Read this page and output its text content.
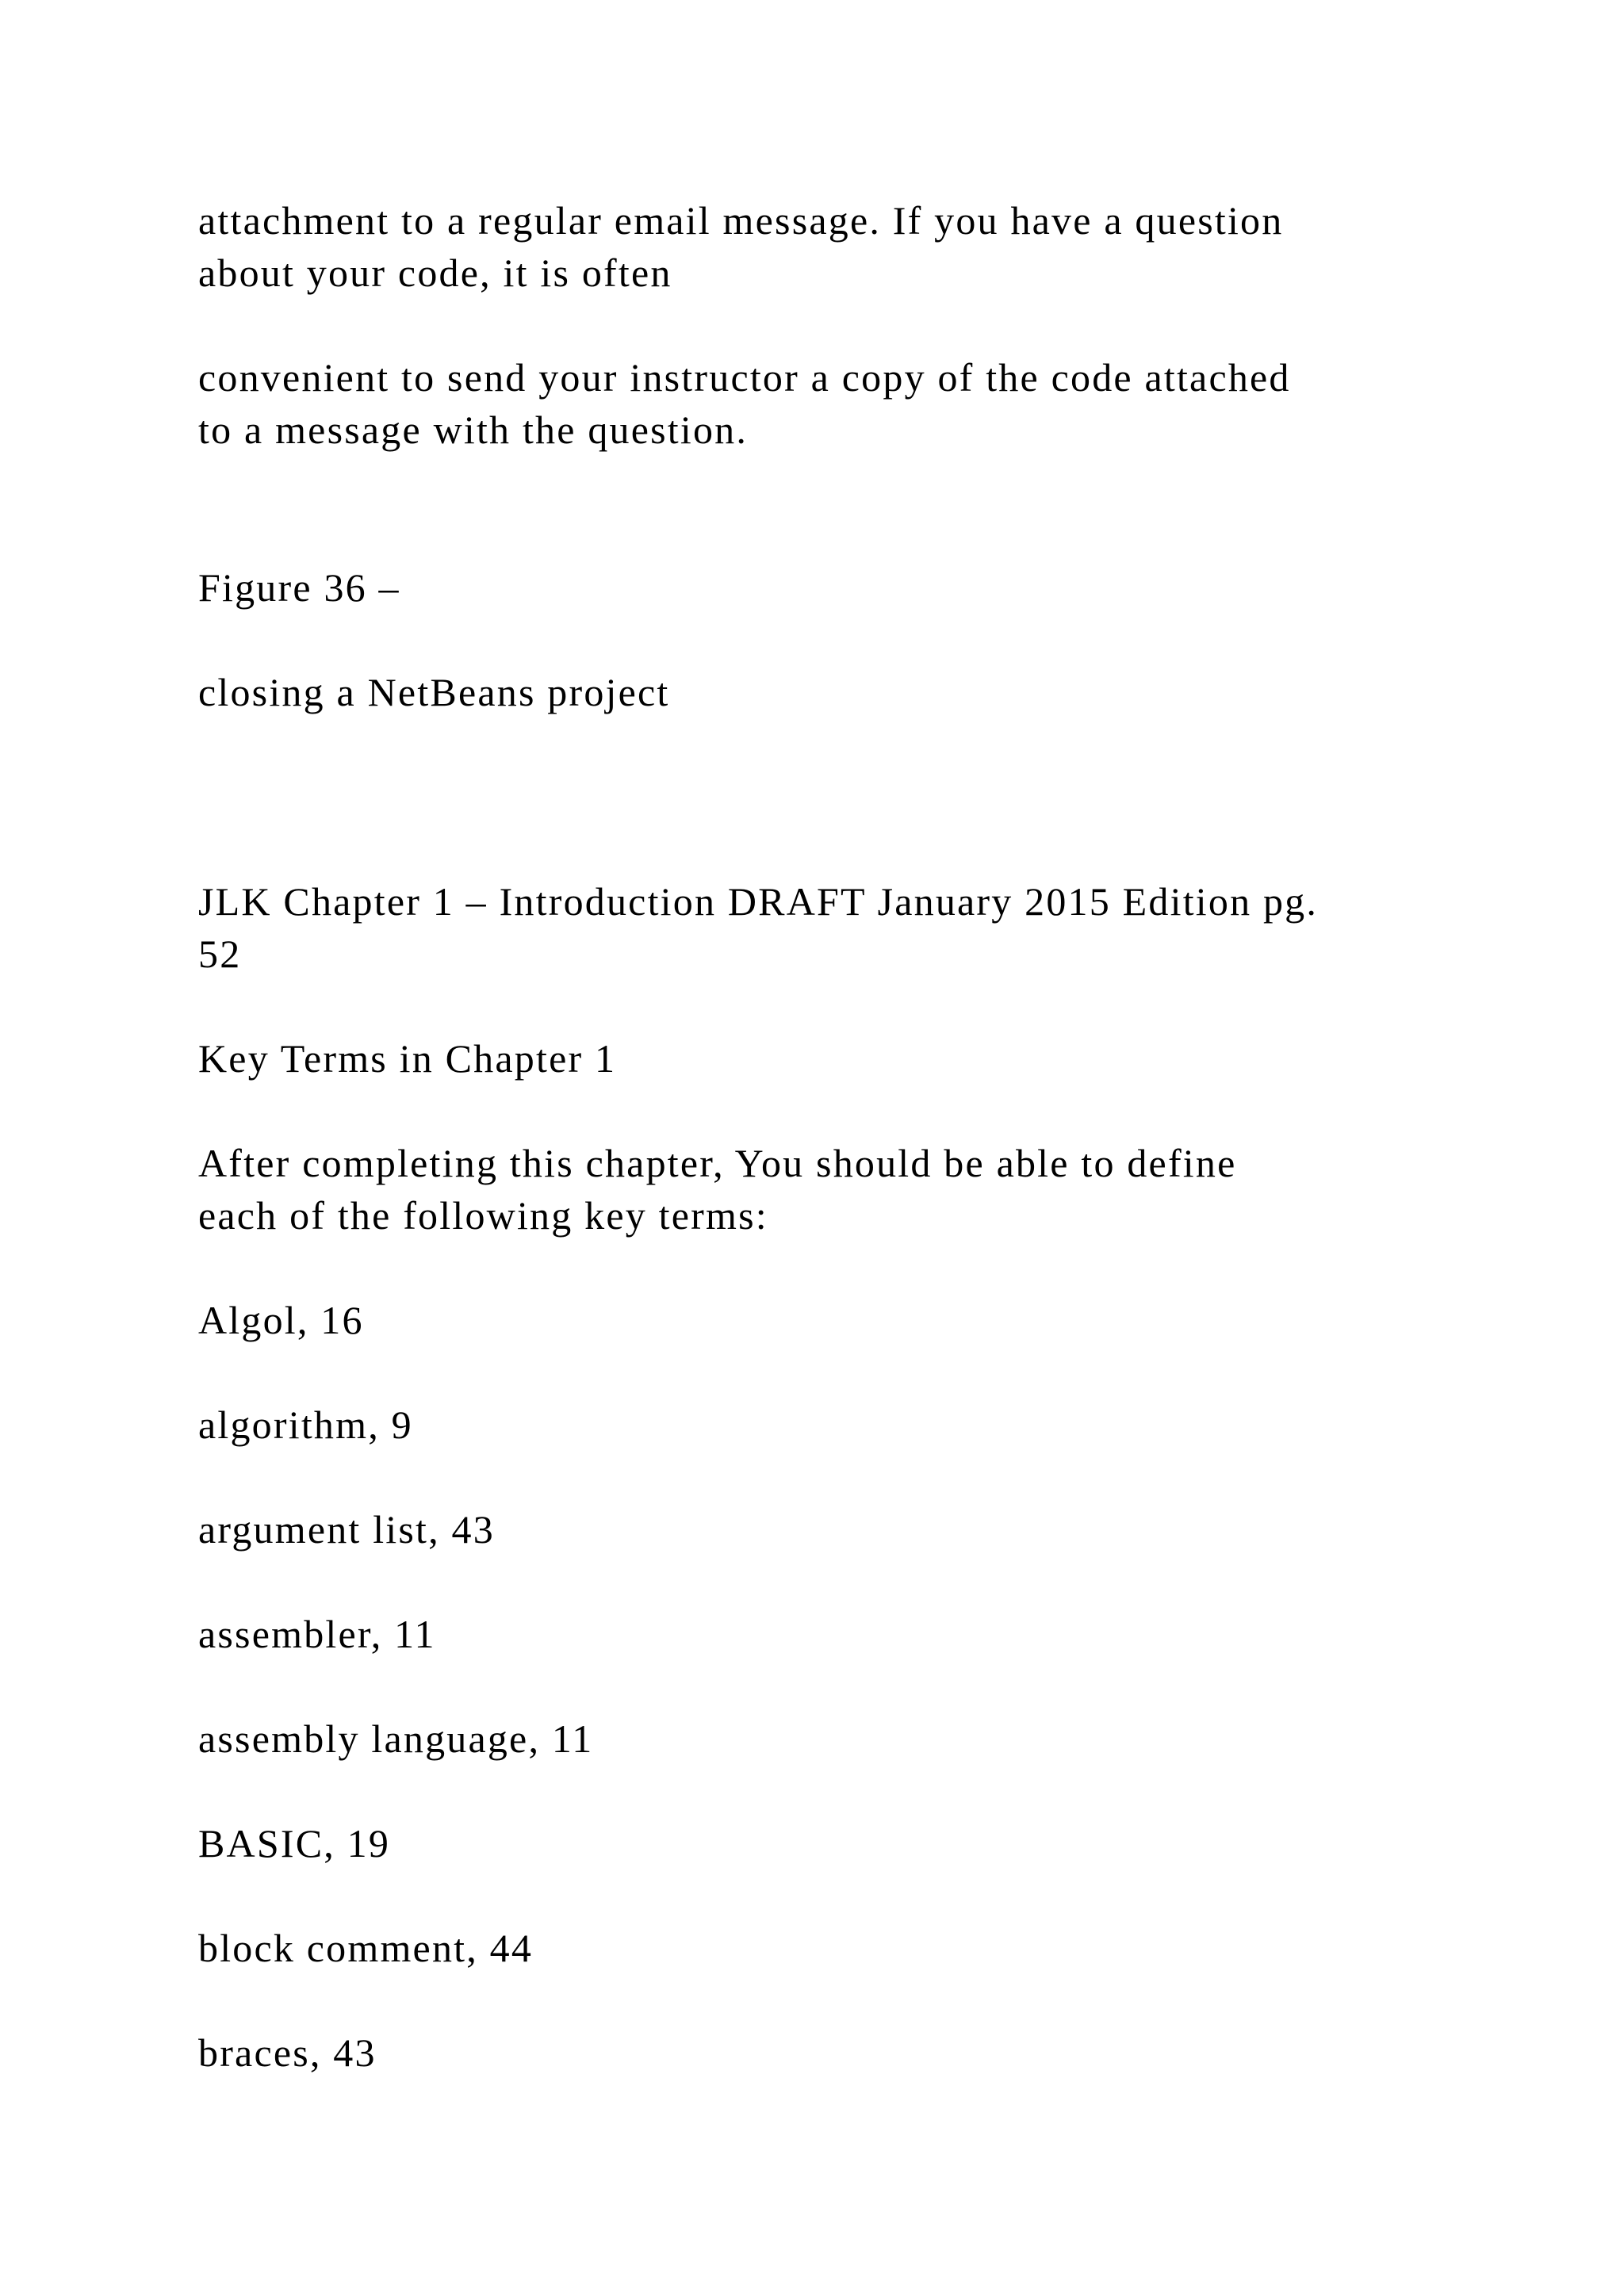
attachment to a regular email message. If you have a question
about your code, it is often
convenient to send your instructor a copy of the code attached
to a message with the question.
Figure 36 –
closing a NetBeans project
JLK Chapter 1 – Introduction DRAFT January 2015 Edition pg.
52
Key Terms in Chapter 1
After completing this chapter, You should be able to define
each of the following key terms:
Algol, 16
algorithm, 9
argument list, 43
assembler, 11
assembly language, 11
BASIC, 19
block comment, 44
braces, 43
